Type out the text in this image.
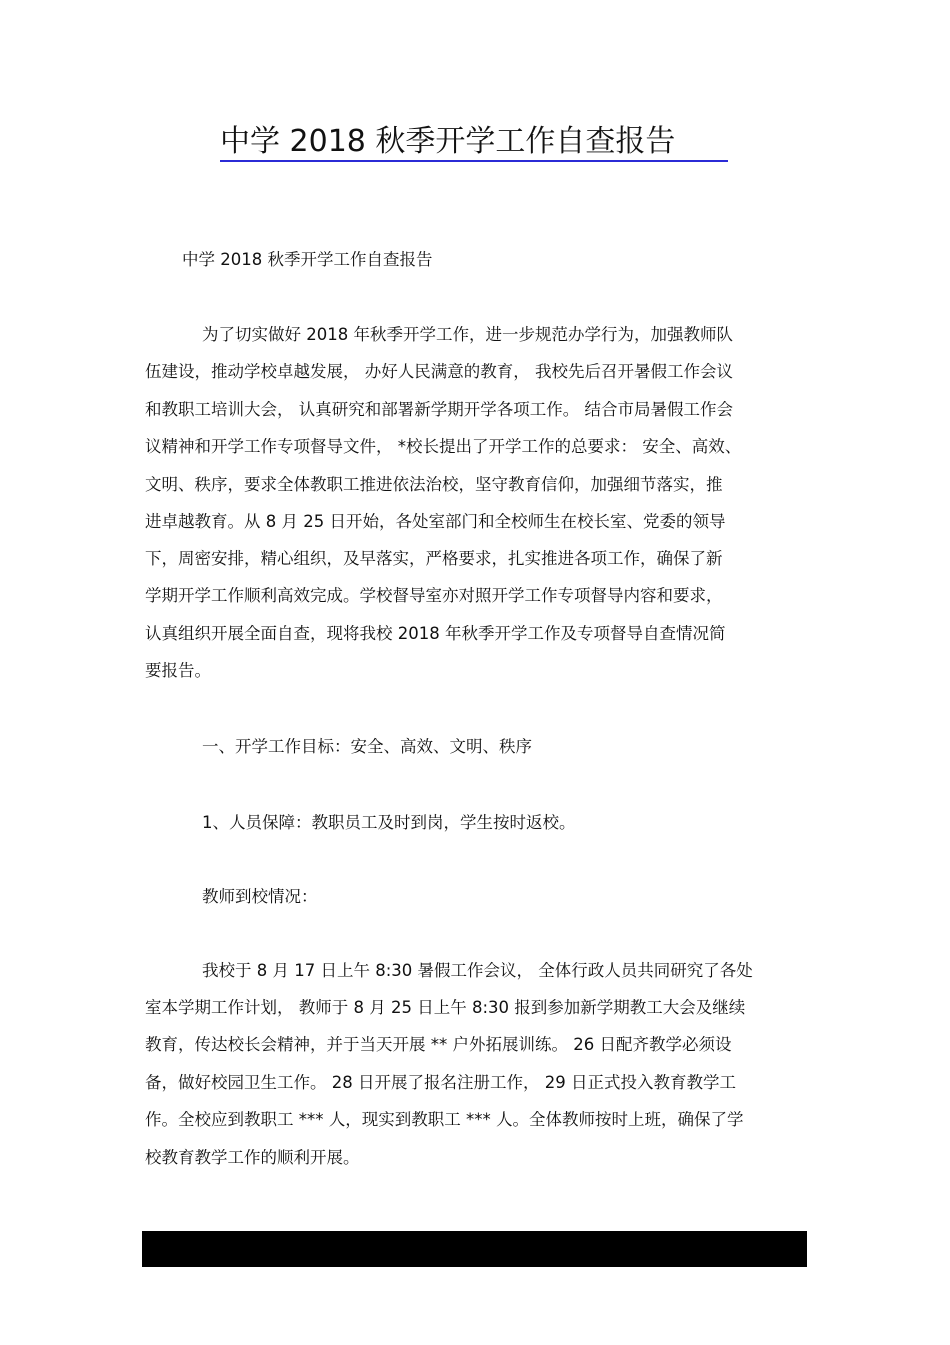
中学 2018 秋季开学工作自查报告
中学 2018 秋季开学工作自查报告
为了切实做好 2018 年秋季开学工作，进一步规范办学行为，加强教师队
伍建设，推动学校卓越发展， 办好人民满意的教育， 我校先后召开暑假工作会议
和教职工培训大会， 认真研究和部署新学期开学各项工作。 结合市局暑假工作会
议精神和开学工作专项督导文件， *校长提出了开学工作的总要求： 安全、高效、
文明、秩序，要求全体教职工推进依法治校，坚守教育信仰，加强细节落实，推
进卓越教育。从 8 月 25 日开始，各处室部门和全校师生在校长室、党委的领导
下，周密安排，精心组织，及早落实，严格要求，扎实推进各项工作，确保了新
学期开学工作顺利高效完成。学校督导室亦对照开学工作专项督导内容和要求，
认真组织开展全面自查，现将我校 2018 年秋季开学工作及专项督导自查情况简
要报告。
一、开学工作目标：安全、高效、文明、秩序
1、人员保障：教职员工及时到岗，学生按时返校。
教师到校情况：
我校于 8 月 17 日上午 8:30 暑假工作会议， 全体行政人员共同研究了各处
室本学期工作计划， 教师于 8 月 25 日上午 8:30 报到参加新学期教工大会及继续
教育，传达校长会精神，并于当天开展 ** 户外拓展训练。 26 日配齐教学必须设
备，做好校园卫生工作。 28 日开展了报名注册工作， 29 日正式投入教育教学工
作。全校应到教职工 *** 人，现实到教职工 *** 人。全体教师按时上班，确保了学
校教育教学工作的顺利开展。
